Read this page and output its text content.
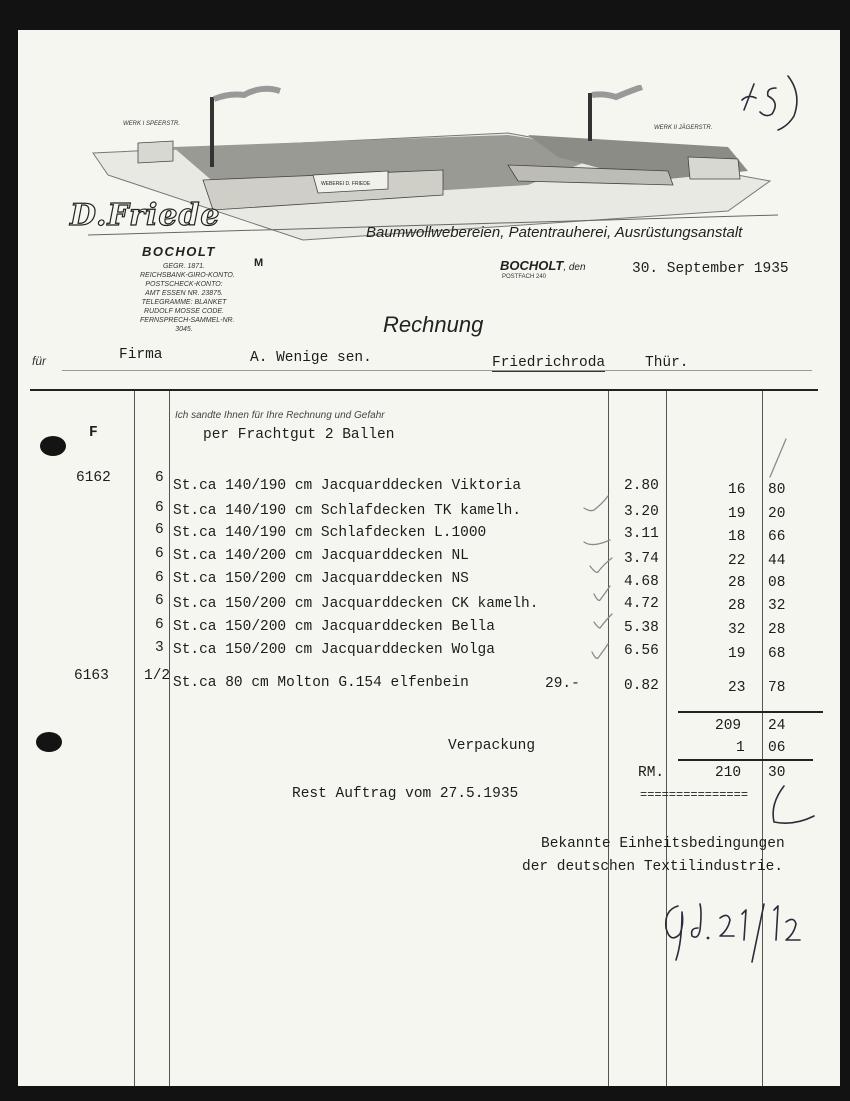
WERK I SPEERSTR.
WERK II JÄGERSTR.
WEBEREI D. FRIEDE
D.Friede
BOCHOLT
Baumwollwebereien, Patentrauherei, Ausrüstungsanstalt
GEGR. 1871.
REICHSBANK-GIRO-KONTO.
POSTSCHECK-KONTO:
AMT ESSEN NR. 23875.
TELEGRAMME: BLANKET
RUDOLF MOSSE CODE.
FERNSPRECH-SAMMEL-NR.
3045.
M	BOCHOLT, den
POSTFACH 240	30. September 1935
Rechnung
für	Firma	A. Wenige sen.	Friedrichroda	Thür.
Ich sandte Ihnen für Ihre Rechnung und Gefahr
per Frachtgut 2 Ballen
F
6162	6 St.ca 140/190 cm Jacquarddecken Viktoria	2.80	16 80
6 St.ca 140/190 cm Schlafdecken TK kamelh.	3.20	19 20
6 St.ca 140/190 cm Schlafdecken L.1000	3.11	18 66
6 St.ca 140/200 cm Jacquarddecken NL	3.74	22 44
6 St.ca 150/200 cm Jacquarddecken NS	4.68	28 08
6 St.ca 150/200 cm Jacquarddecken CK kamelh.	4.72	28 32
6 St.ca 150/200 cm Jacquarddecken Bella	5.38	32 28
3 St.ca 150/200 cm Jacquarddecken Wolga	6.56	19 68
6163 1/2 St.ca 80 cm Molton G.154 elfenbein	29.-	0.82	23 78
209 24
Verpackung	1 06
RM.	210 30
===============
Rest Auftrag vom 27.5.1935
Bekannte Einheitsbedingungen
der deutschen Textilindustrie.
